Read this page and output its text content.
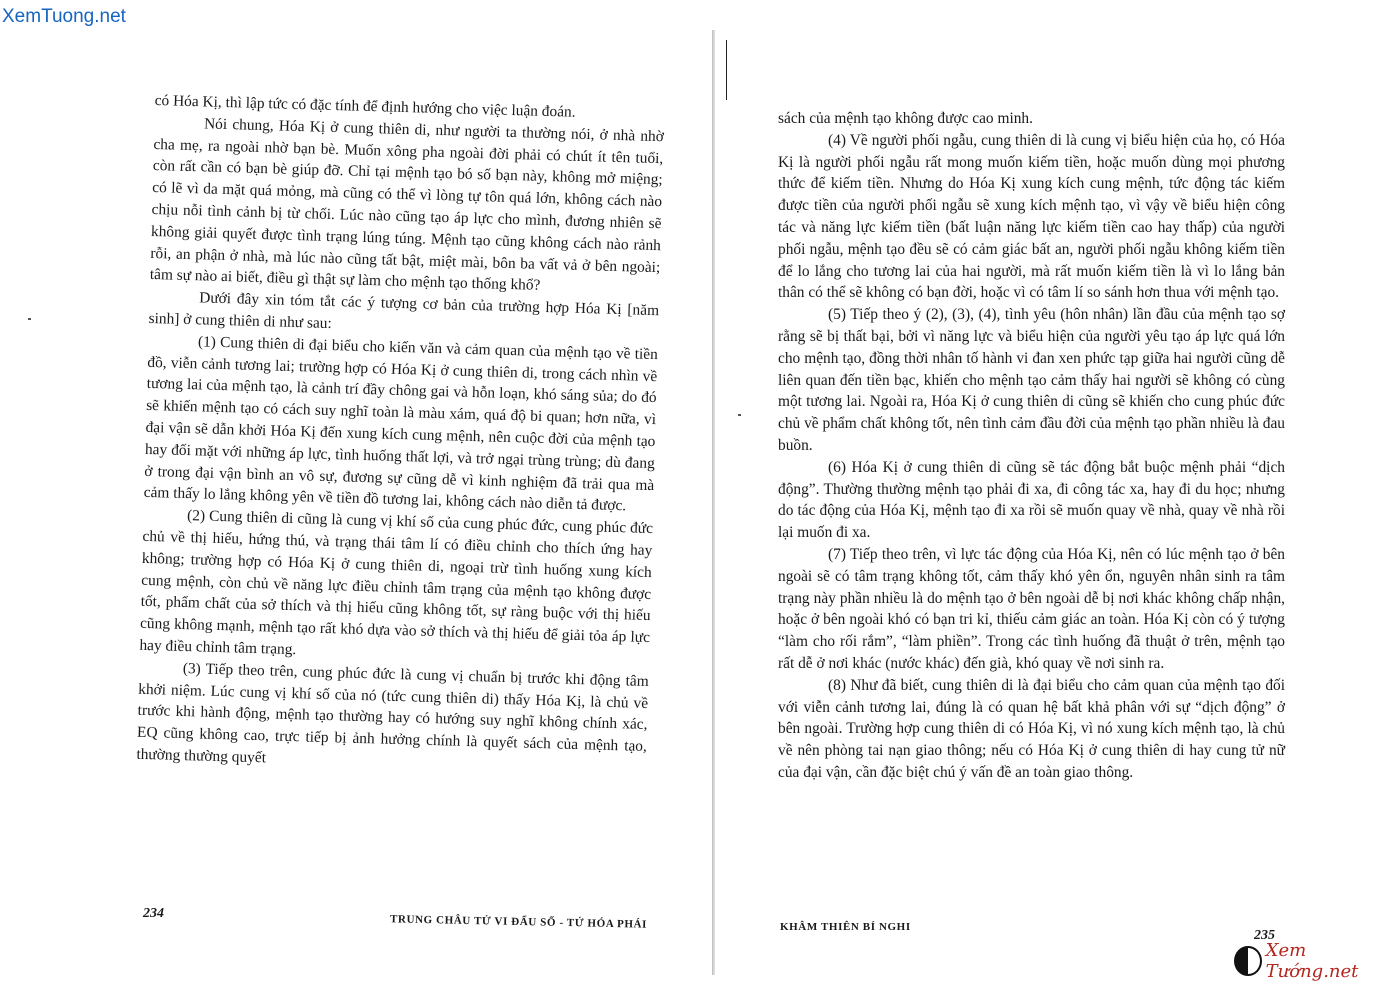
XemTuong.net

có Hóa Kị, thì lập tức có đặc tính để định hướng cho việc luận đoán.

Nói chung, Hóa Kị ở cung thiên di, như người ta thường nói, ở nhà nhờ cha mẹ, ra ngoài nhờ bạn bè. Muốn xông pha ngoài đời phải có chút ít tên tuổi, còn rất cần có bạn bè giúp đỡ. Chỉ tại mệnh tạo bó số bạn này, không mở miệng; có lẽ vì da mặt quá mỏng, mà cũng có thể vì lòng tự tôn quá lớn, không cách nào chịu nỗi tình cảnh bị từ chối. Lúc nào cũng tạo áp lực cho mình, đương nhiên sẽ không giải quyết được tình trạng lúng túng. Mệnh tạo cũng không cách nào rảnh rỗi, an phận ở nhà, mà lúc nào cũng tất bật, miệt mài, bôn ba vất vả ở bên ngoài; tâm sự nào ai biết, điều gì thật sự làm cho mệnh tạo thống khổ?

Dưới đây xin tóm tắt các ý tượng cơ bản của trường hợp Hóa Kị [năm sinh] ở cung thiên di như sau:

(1) Cung thiên di đại biểu cho kiến văn và cảm quan của mệnh tạo về tiền đồ, viễn cảnh tương lai; trường hợp có Hóa Kị ở cung thiên di, trong cách nhìn về tương lai của mệnh tạo, là cảnh trí đầy chông gai và hỗn loạn, khó sáng sủa; do đó sẽ khiến mệnh tạo có cách suy nghĩ toàn là màu xám, quá độ bi quan; hơn nữa, vì đại vận sẽ dẫn khởi Hóa Kị đến xung kích cung mệnh, nên cuộc đời của mệnh tạo hay đối mặt với những áp lực, tình huống thất lợi, và trở ngại trùng trùng; dù đang ở trong đại vận bình an vô sự, đương sự cũng dễ vì kinh nghiệm đã trải qua mà cảm thấy lo lắng không yên về tiền đồ tương lai, không cách nào diễn tả được.

(2) Cung thiên di cũng là cung vị khí số của cung phúc đức, cung phúc đức chủ về thị hiếu, hứng thú, và trạng thái tâm lí có điều chỉnh cho thích ứng hay không; trường hợp có Hóa Kị ở cung thiên di, ngoại trừ tình huống xung kích cung mệnh, còn chủ về năng lực điều chỉnh tâm trạng của mệnh tạo không được tốt, phẩm chất của sở thích và thị hiếu cũng không tốt, sự ràng buộc với thị hiếu cũng không mạnh, mệnh tạo rất khó dựa vào sở thích và thị hiếu để giải tỏa áp lực hay điều chỉnh tâm trạng.

(3) Tiếp theo trên, cung phúc đức là cung vị chuẩn bị trước khi động tâm khởi niệm. Lúc cung vị khí số của nó (tức cung thiên di) thấy Hóa Kị, là chủ về trước khi hành động, mệnh tạo thường hay có hướng suy nghĩ không chính xác, EQ cũng không cao, trực tiếp bị ảnh hưởng chính là quyết sách của mệnh tạo, thường thường quyết

234	TRUNG CHÂU TỬ VI ĐẨU SỐ - TỨ HÓA PHÁI

sách của mệnh tạo không được cao minh.

(4) Về người phối ngẫu, cung thiên di là cung vị biểu hiện của họ, có Hóa Kị là người phối ngẫu rất mong muốn kiếm tiền, hoặc muốn dùng mọi phương thức để kiếm tiền. Nhưng do Hóa Kị xung kích cung mệnh, tức động tác kiếm được tiền của người phối ngẫu sẽ xung kích mệnh tạo, vì vậy về biểu hiện công tác và năng lực kiếm tiền (bất luận năng lực kiếm tiền cao hay thấp) của người phối ngẫu, mệnh tạo đều sẽ có cảm giác bất an, người phối ngẫu không kiếm tiền để lo lắng cho tương lai của hai người, mà rất muốn kiếm tiền là vì lo lắng bản thân có thể sẽ không có bạn đời, hoặc vì có tâm lí so sánh hơn thua với mệnh tạo.

(5) Tiếp theo ý (2), (3), (4), tình yêu (hôn nhân) lần đầu của mệnh tạo sợ rằng sẽ bị thất bại, bởi vì năng lực và biểu hiện của người yêu tạo áp lực quá lớn cho mệnh tạo, đồng thời nhân tố hành vi đan xen phức tạp giữa hai người cũng dễ liên quan đến tiền bạc, khiến cho mệnh tạo cảm thấy hai người sẽ không có cùng một tương lai. Ngoài ra, Hóa Kị ở cung thiên di cũng sẽ khiến cho cung phúc đức chủ về phẩm chất không tốt, nên tình cảm đầu đời của mệnh tạo phần nhiều là đau buồn.

(6) Hóa Kị ở cung thiên di cũng sẽ tác động bắt buộc mệnh phải “dịch động”. Thường thường mệnh tạo phải đi xa, đi công tác xa, hay đi du học; nhưng do tác động của Hóa Kị, mệnh tạo đi xa rồi sẽ muốn quay về nhà, quay về nhà rồi lại muốn đi xa.

(7) Tiếp theo trên, vì lực tác động của Hóa Kị, nên có lúc mệnh tạo ở bên ngoài sẽ có tâm trạng không tốt, cảm thấy khó yên ổn, nguyên nhân sinh ra tâm trạng này phần nhiều là do mệnh tạo ở bên ngoài dễ bị nơi khác không chấp nhận, hoặc ở bên ngoài khó có bạn tri kỉ, thiếu cảm giác an toàn. Hóa Kị còn có ý tượng “làm cho rối rắm”, “làm phiền”. Trong các tình huống đã thuật ở trên, mệnh tạo rất dễ ở nơi khác (nước khác) đến già, khó quay về nơi sinh ra.

(8) Như đã biết, cung thiên di là đại biểu cho cảm quan của mệnh tạo đối với viễn cảnh tương lai, đúng là có quan hệ bất khả phân với sự “dịch động” ở bên ngoài. Trường hợp cung thiên di có Hóa Kị, vì nó xung kích mệnh tạo, là chủ về nên phòng tai nạn giao thông; nếu có Hóa Kị ở cung thiên di hay cung tử nữ của đại vận, cần đặc biệt chú ý vấn đề an toàn giao thông.

KHÂM THIÊN BÍ NGHI
235
Xem Tướng.net
